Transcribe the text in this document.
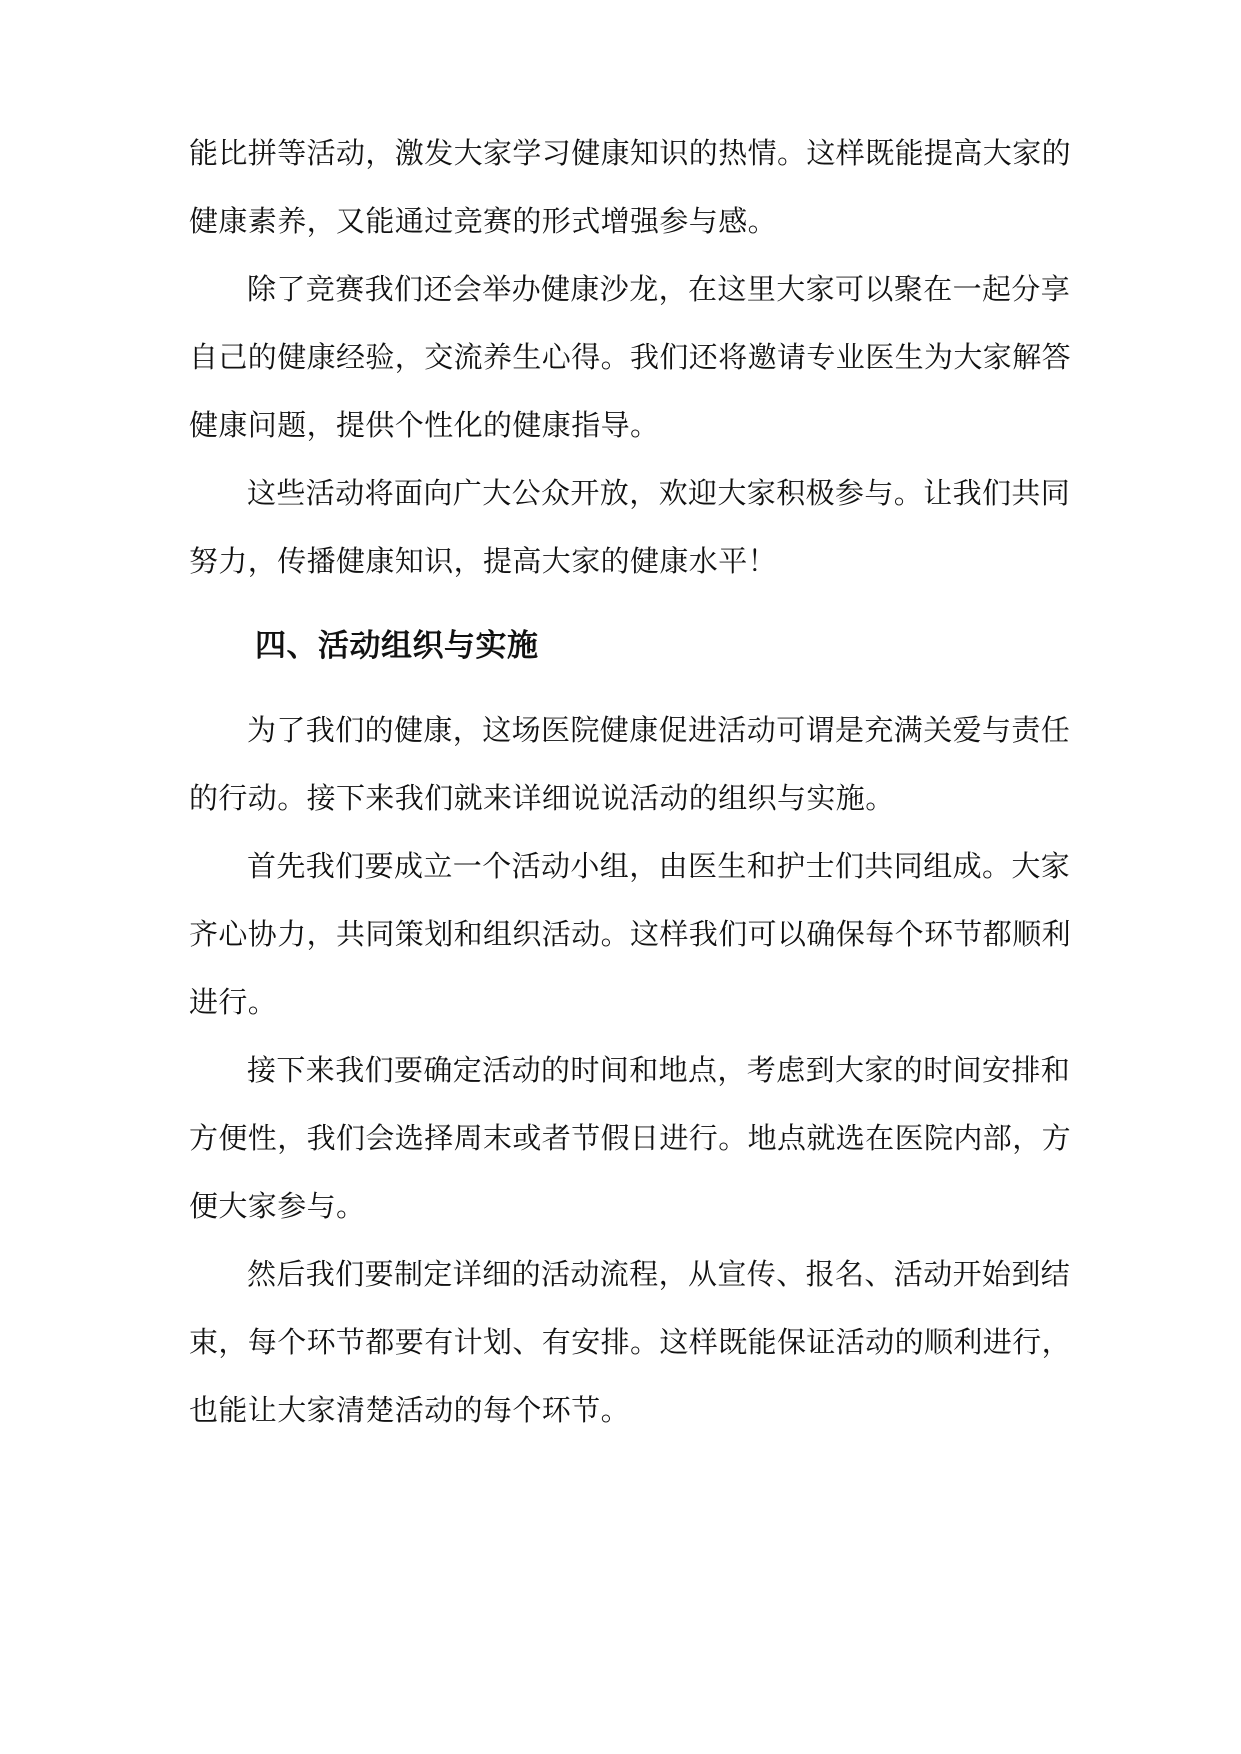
能比拼等活动，激发大家学习健康知识的热情。这样既能提高大家的
健康素养，又能通过竞赛的形式增强参与感。
除了竞赛我们还会举办健康沙龙，在这里大家可以聚在一起分享
自己的健康经验，交流养生心得。我们还将邀请专业医生为大家解答
健康问题，提供个性化的健康指导。
这些活动将面向广大公众开放，欢迎大家积极参与。让我们共同
努力，传播健康知识，提高大家的健康水平！
四、活动组织与实施
为了我们的健康，这场医院健康促进活动可谓是充满关爱与责任
的行动。接下来我们就来详细说说活动的组织与实施。
首先我们要成立一个活动小组，由医生和护士们共同组成。大家
齐心协力，共同策划和组织活动。这样我们可以确保每个环节都顺利
进行。
接下来我们要确定活动的时间和地点，考虑到大家的时间安排和
方便性，我们会选择周末或者节假日进行。地点就选在医院内部，方
便大家参与。
然后我们要制定详细的活动流程，从宣传、报名、活动开始到结
束，每个环节都要有计划、有安排。这样既能保证活动的顺利进行，
也能让大家清楚活动的每个环节。
